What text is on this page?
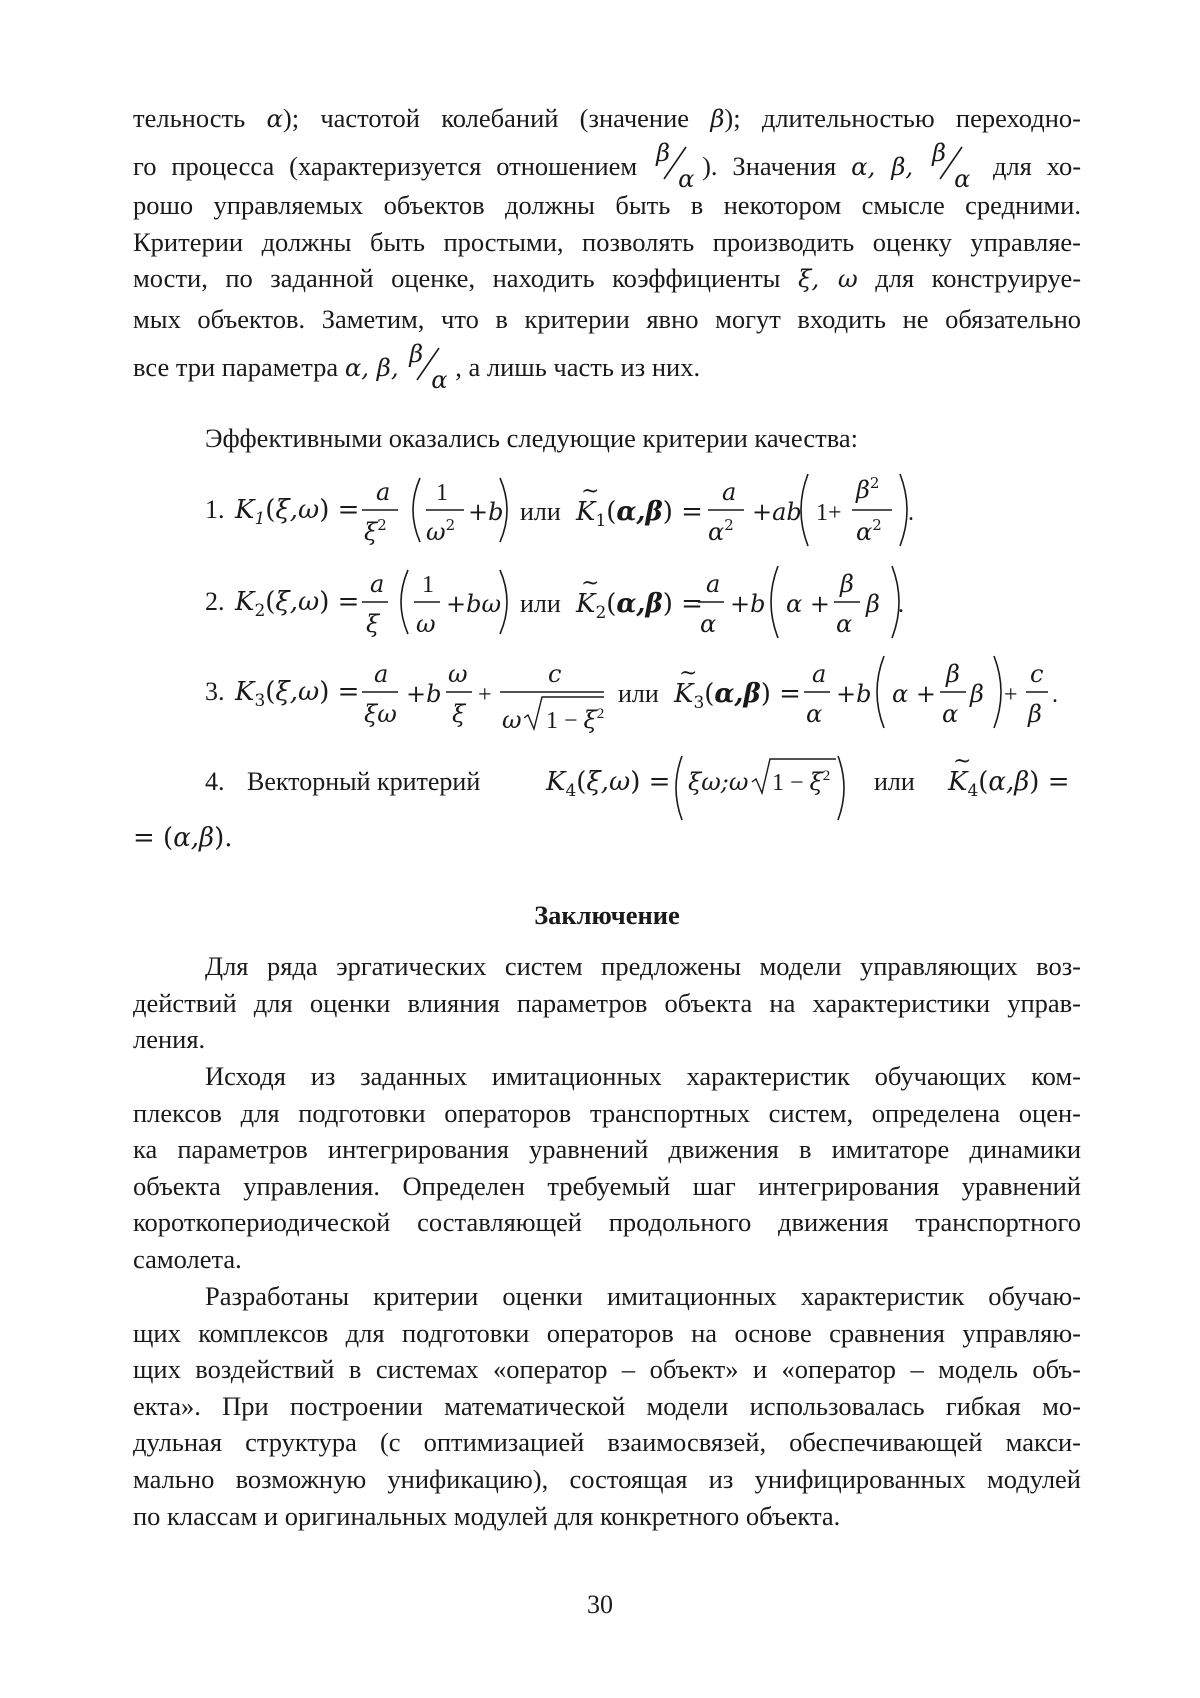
тельность α); частотой колебаний (значение β); длительностью переходно-
го процесса (характеризуется отношением β
α ). Значения α, β, β
α для хо-
рошо управляемых объектов должны быть в некотором смысле средними.
Критерии должны быть простыми, позволять производить оценку управляе-
мости, по заданной оценке, находить коэффициенты ξ, ω для конструируе-
мых объектов. Заметим, что в критерии явно могут входить не обязательно
все три параметра α, β, β
α , а лишь часть из них.

Эффективными оказались следующие критерии качества:

1. $K_1(\xi,\omega)$ =
a
$\xi^2$
1
$\omega^2 +b$ или $K_1(\alpha,\beta)$ =
~	a
$\alpha^2 +ab$ 1+
$\beta^2$
$\alpha^2$ .
2. $K_2(\xi,\omega)$ =
a
ξ
1
ω
+bω или $K_2(\alpha,\beta)$ =
~	a
α
+b α +
β
α
β .
3. $K_3(\xi,\omega)$ =
a
ξω
+b
ω
ξ
+
c
ω $1 - \xi^2$
или $K_3(\alpha,\beta)$ =
~	a
α
+b α +
β
α
β +
c
β
.
4. Векторный критерий	$K_4(\xi,\omega)$ = ξω;ω $1 - \xi^2$ или $K_4(\alpha,\beta)$ =
~
= (α,β).
Заключение
Для ряда эргатических систем предложены модели управляющих воз-
действий для оценки влияния параметров объекта на характеристики управ-
ления.
Исходя из заданных имитационных характеристик обучающих ком-
плексов для подготовки операторов транспортных систем, определена оцен-
ка параметров интегрирования уравнений движения в имитаторе динамики
объекта управления. Определен требуемый шаг интегрирования уравнений
короткопериодической составляющей продольного движения транспортного
самолета.
Разработаны критерии оценки имитационных характеристик обучаю-
щих комплексов для подготовки операторов на основе сравнения управляю-
щих воздействий в системах «оператор – объект» и «оператор – модель объ-
екта». При построении математической модели использовалась гибкая мо-
дульная структура (с оптимизацией взаимосвязей, обеспечивающей макси-
мально возможную унификацию), состоящая из унифицированных модулей
по классам и оригинальных модулей для конкретного объекта.
30
